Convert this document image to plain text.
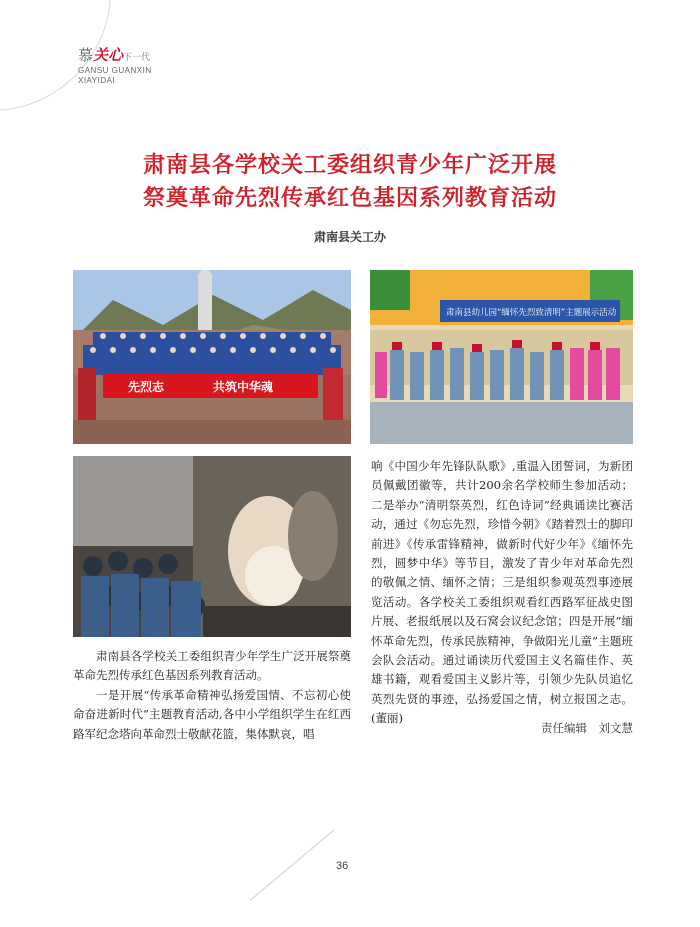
慕关心下一代
GANSU GUANXIN
XIAYIDAI
肃南县各学校关工委组织青少年广泛开展
祭奠革命先烈传承红色基因系列教育活动
肃南县关工办
先烈志	共筑中华魂
肃南县幼儿园“缅怀先烈致清明”主题展示活动

肃南县各学校关工委组织青少年学生广泛开展祭奠革命先烈传承红色基因系列教育活动。

一是开展“传承革命精神弘扬爱国情、不忘初心使命奋进新时代”主题教育活动,各中小学组织学生在红西路军纪念塔向革命烈士敬献花篮，集体默哀，唱

响《中国少年先锋队队歌》,重温入团誓词，为新团员佩戴团徽等，共计200余名学校师生参加活动；二是举办“清明祭英烈，红色诗词”经典诵读比赛活动，通过《勿忘先烈，珍惜今朝》《踏着烈士的脚印前进》《传承雷锋精神，做新时代好少年》《缅怀先烈，圆梦中华》等节目，激发了青少年对革命先烈的敬佩之情、缅怀之情；三是组织参观英烈事迹展览活动。各学校关工委组织观看红西路军征战史图片展、老报纸展以及石窝会议纪念馆；四是开展“缅怀革命先烈，传承民族精神，争做阳光儿童”主题班会队会活动。通过诵读历代爱国主义名篇佳作、英雄书籍，观看爱国主义影片等，引领少先队员追忆英烈先贤的事迹，弘扬爱国之情，树立报国之志。(董丽)

责任编辑　刘文慧
36
